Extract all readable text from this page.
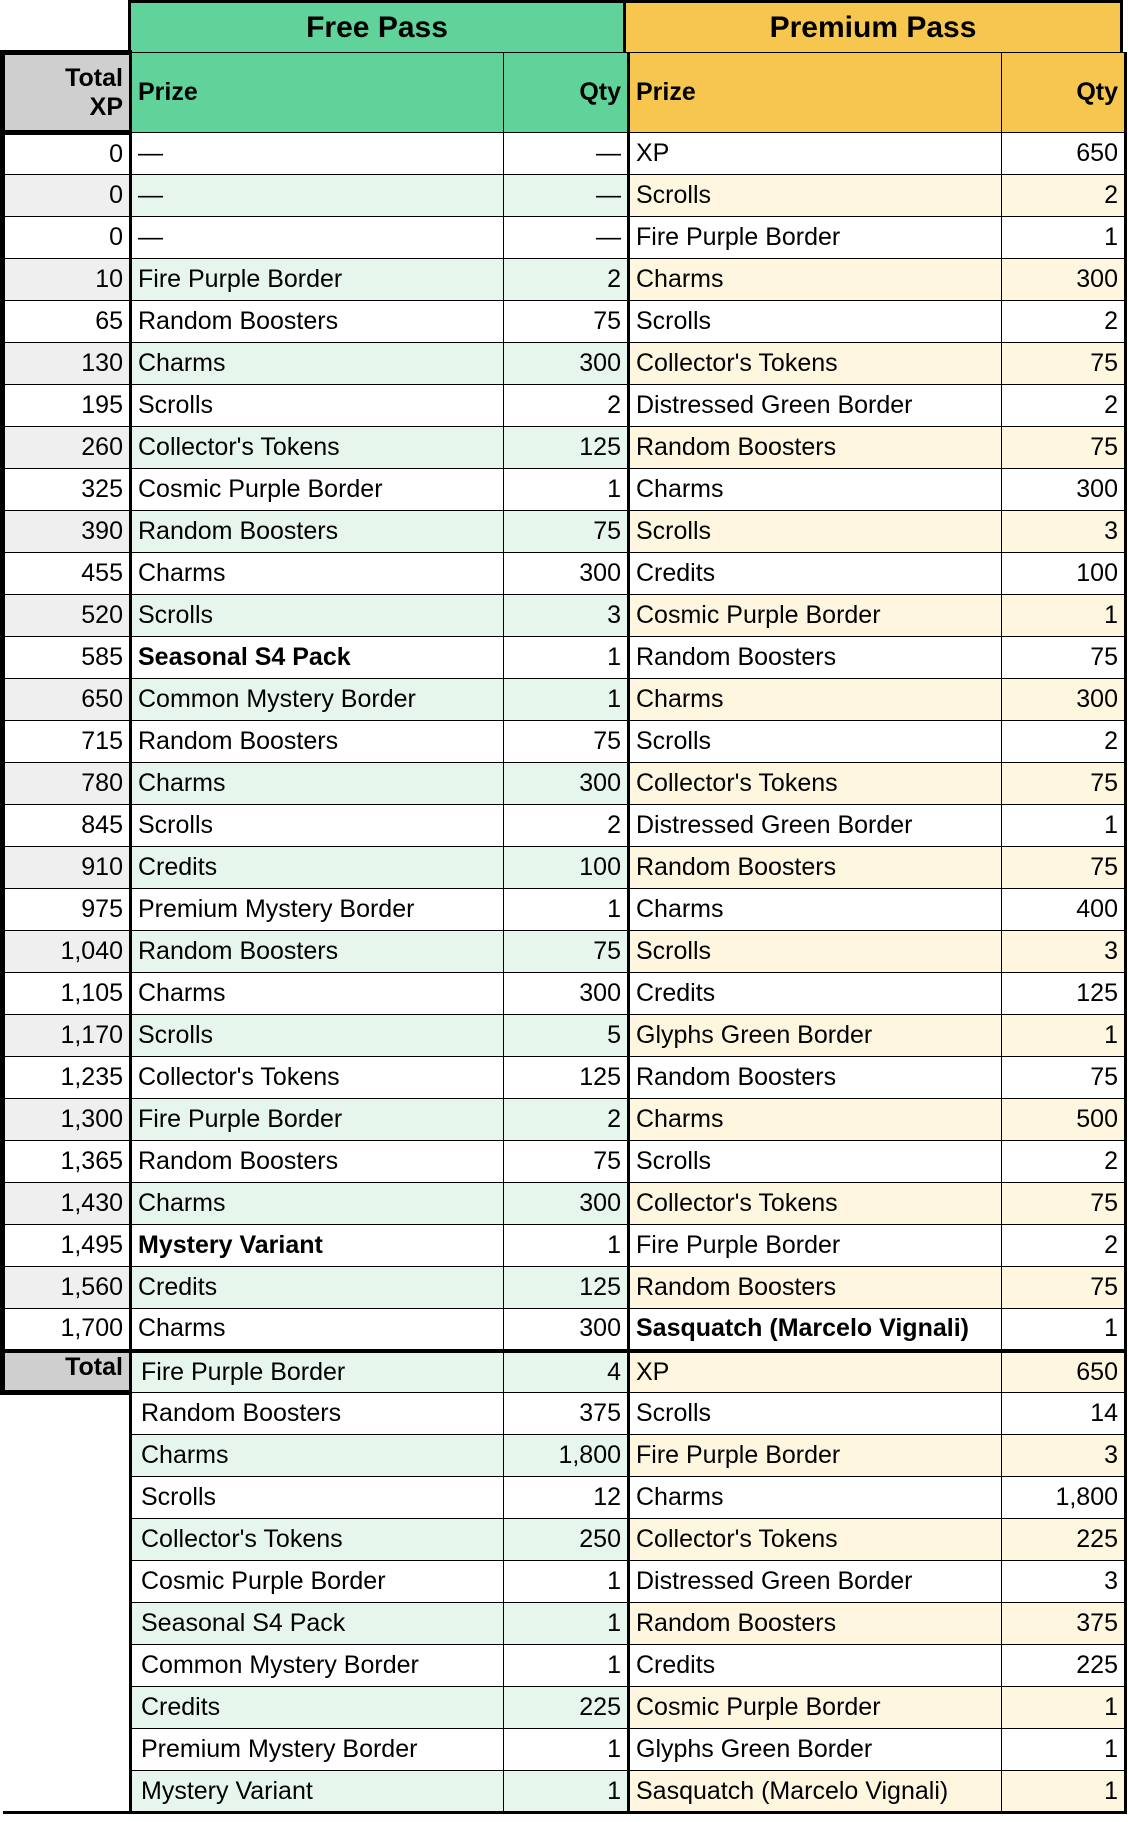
Free Pass	Premium Pass
Total
XP	Prize	Qty	Prize	Qty
0	—	—	XP	650
0	—	—	Scrolls	2
0	—	—	Fire Purple Border	1
10	Fire Purple Border	2	Charms	300
65	Random Boosters	75	Scrolls	2
130	Charms	300	Collector's Tokens	75
195	Scrolls	2	Distressed Green Border	2
260	Collector's Tokens	125	Random Boosters	75
325	Cosmic Purple Border	1	Charms	300
390	Random Boosters	75	Scrolls	3
455	Charms	300	Credits	100
520	Scrolls	3	Cosmic Purple Border	1
585	Seasonal S4 Pack	1	Random Boosters	75
650	Common Mystery Border	1	Charms	300
715	Random Boosters	75	Scrolls	2
780	Charms	300	Collector's Tokens	75
845	Scrolls	2	Distressed Green Border	1
910	Credits	100	Random Boosters	75
975	Premium Mystery Border	1	Charms	400
1,040	Random Boosters	75	Scrolls	3
1,105	Charms	300	Credits	125
1,170	Scrolls	5	Glyphs Green Border	1
1,235	Collector's Tokens	125	Random Boosters	75
1,300	Fire Purple Border	2	Charms	500
1,365	Random Boosters	75	Scrolls	2
1,430	Charms	300	Collector's Tokens	75
1,495	Mystery Variant	1	Fire Purple Border	2
1,560	Credits	125	Random Boosters	75
1,700	Charms	300	Sasquatch (Marcelo Vignali)	1
Total	Fire Purple Border	4	XP	650
	Random Boosters	375	Scrolls	14
	Charms	1,800	Fire Purple Border	3
	Scrolls	12	Charms	1,800
	Collector's Tokens	250	Collector's Tokens	225
	Cosmic Purple Border	1	Distressed Green Border	3
	Seasonal S4 Pack	1	Random Boosters	375
	Common Mystery Border	1	Credits	225
	Credits	225	Cosmic Purple Border	1
	Premium Mystery Border	1	Glyphs Green Border	1
	Mystery Variant	1	Sasquatch (Marcelo Vignali)	1
